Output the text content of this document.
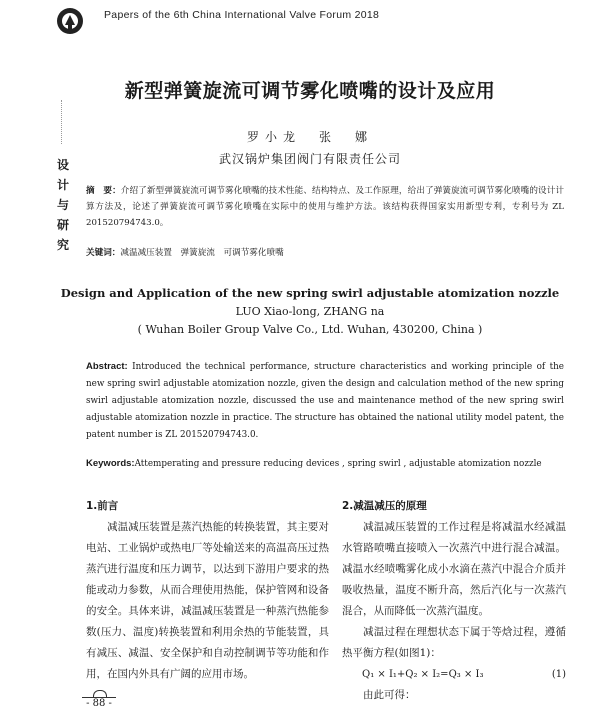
Papers of the 6th China International Valve Forum 2018
设
计
与
研
究
新型弹簧旋流可调节雾化喷嘴的设计及应用
罗小龙　张　娜
武汉锅炉集团阀门有限责任公司
摘　要：介绍了新型弹簧旋流可调节雾化喷嘴的技术性能、结构特点、及工作原理，给出了弹簧旋流可调节雾化喷嘴的设计计算方法及，论述了弹簧旋流可调节雾化喷嘴在实际中的使用与维护方法。该结构获得国家实用新型专利，专利号为 ZL 201520794743.0。
关键词：减温减压装置　弹簧旋流　可调节雾化喷嘴
Design and Application of the new spring swirl adjustable atomization nozzle
LUO Xiao-long, ZHANG na
( Wuhan Boiler Group Valve Co., Ltd. Wuhan, 430200, China )
Abstract: Introduced the technical performance, structure characteristics and working principle of the new spring swirl adjustable atomization nozzle, given the design and calculation method of the new spring swirl adjustable atomization nozzle, discussed the use and maintenance method of the new spring swirl adjustable atomization nozzle in practice. The structure has obtained the national utility model patent, the patent number is ZL 201520794743.0.
Keywords:Attemperating and pressure reducing devices , spring swirl , adjustable atomization nozzle
1.前言

减温减压装置是蒸汽热能的转换装置，其主要对电站、工业锅炉或热电厂等处输送来的高温高压过热蒸汽进行温度和压力调节，以达到下游用户要求的热能或动力参数，从而合理使用热能，保护管网和设备的安全。具体来讲，减温减压装置是一种蒸汽热能参数(压力、温度)转换装置和利用余热的节能装置，具有减压、减温、安全保护和自动控制调节等功能和作用，在国内外具有广阔的应用市场。

2.减温减压的原理

减温减压装置的工作过程是将减温水经减温水管路喷嘴直接喷入一次蒸汽中进行混合减温。减温水经喷嘴雾化成小水滴在蒸汽中混合介质并吸收热量，温度不断升高，然后汽化与一次蒸汽混合，从而降低一次蒸汽温度。

减温过程在理想状态下属于等焓过程，遵循热平衡方程(如图1)：

Q₁ × I₁+Q₂ × I₂=Q₃ × I₃	(1)

由此可得：

- 88 -
